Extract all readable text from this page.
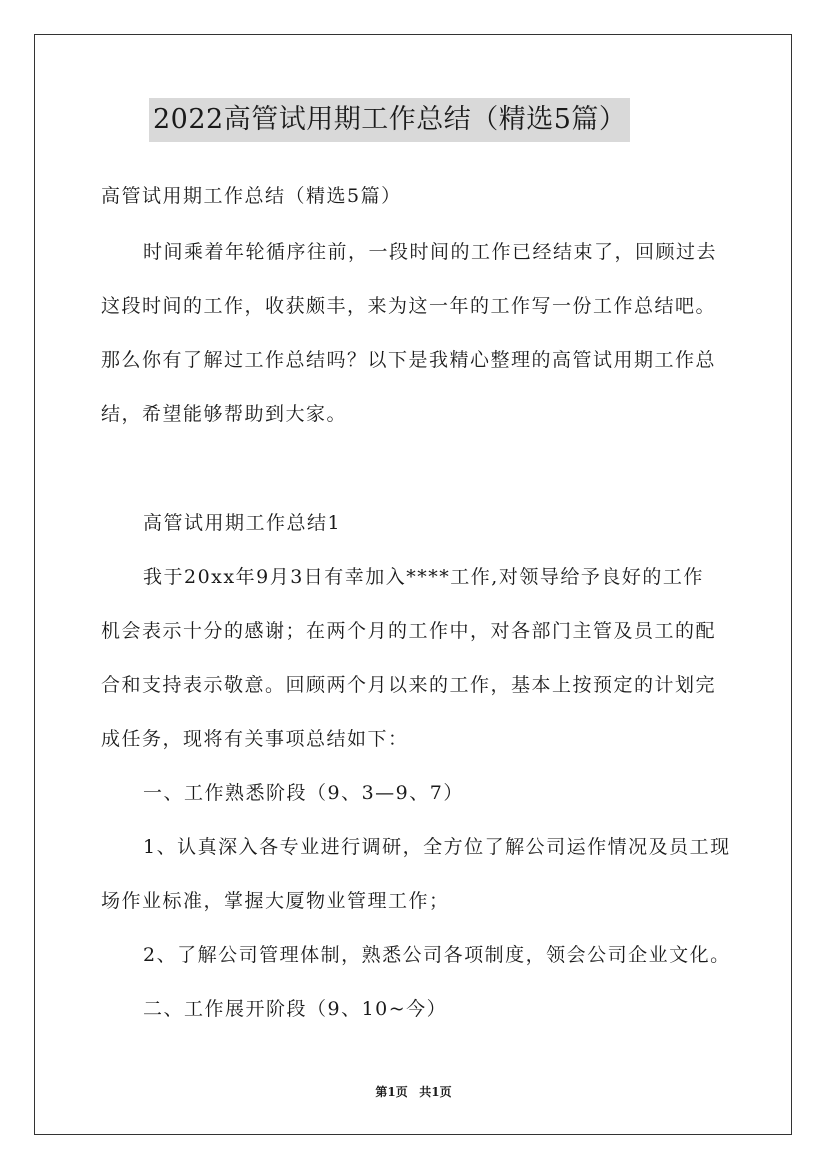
2022高管试用期工作总结（精选5篇）
高管试用期工作总结（精选5篇）
时间乘着年轮循序往前，一段时间的工作已经结束了，回顾过去
这段时间的工作，收获颇丰，来为这一年的工作写一份工作总结吧。
那么你有了解过工作总结吗？以下是我精心整理的高管试用期工作总
结，希望能够帮助到大家。
高管试用期工作总结1
我于20xx年9月3日有幸加入****工作,对领导给予良好的工作
机会表示十分的感谢；在两个月的工作中，对各部门主管及员工的配
合和支持表示敬意。回顾两个月以来的工作，基本上按预定的计划完
成任务，现将有关事项总结如下：
一、工作熟悉阶段（9、3—9、7）
1、认真深入各专业进行调研，全方位了解公司运作情况及员工现
场作业标准，掌握大厦物业管理工作；
2、了解公司管理体制，熟悉公司各项制度，领会公司企业文化。
二、工作展开阶段（9、10~今）
第1页 共1页
